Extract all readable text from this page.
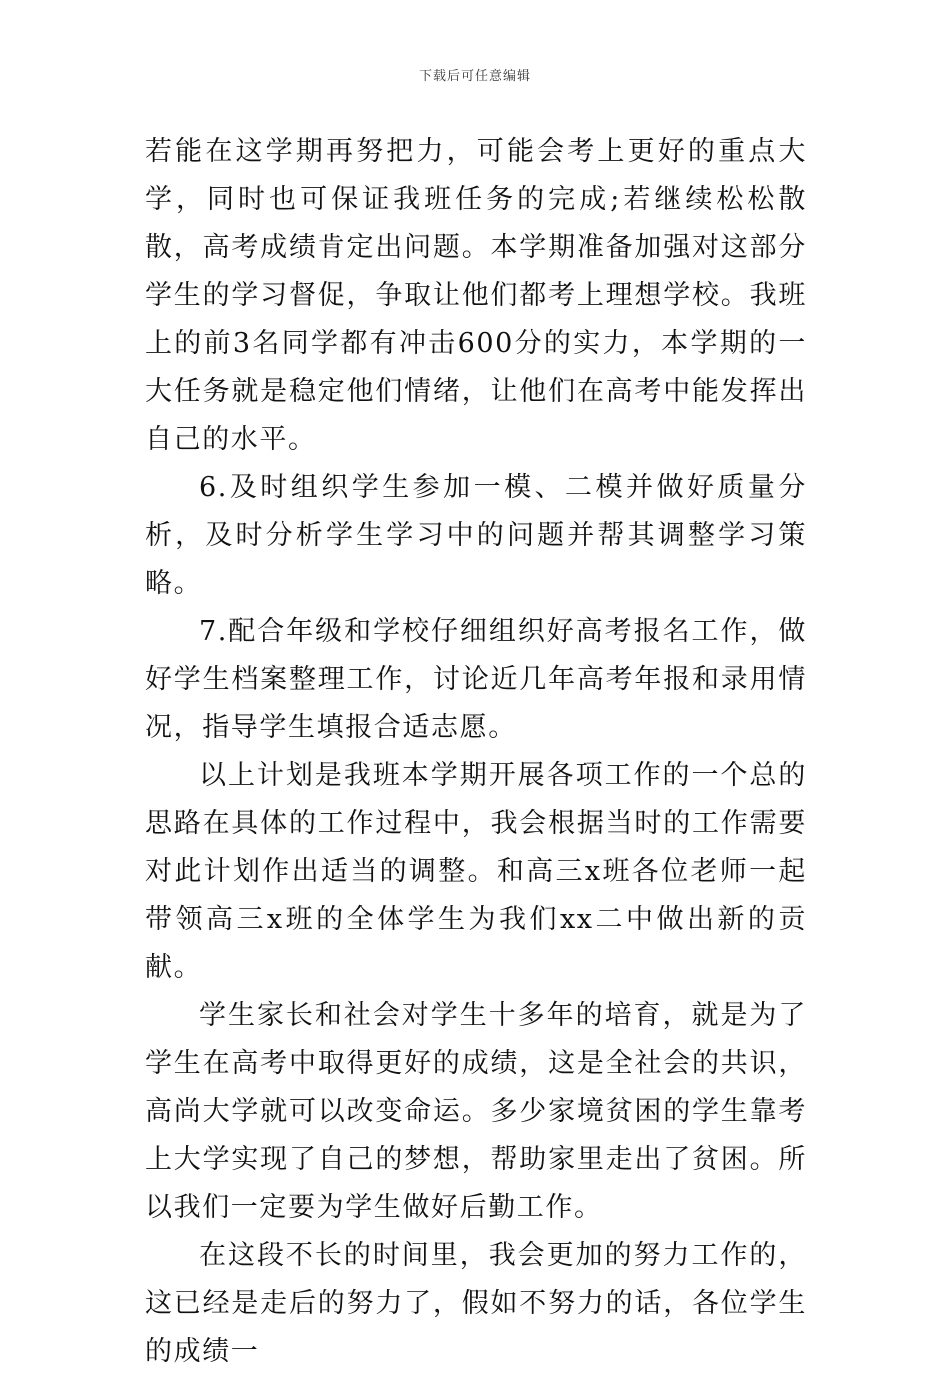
下载后可任意编辑

若能在这学期再努把力，可能会考上更好的重点大学，同时也可保证我班任务的完成;若继续松松散散，高考成绩肯定出问题。本学期准备加强对这部分学生的学习督促，争取让他们都考上理想学校。我班上的前3名同学都有冲击600分的实力，本学期的一大任务就是稳定他们情绪，让他们在高考中能发挥出自己的水平。

6.及时组织学生参加一模、二模并做好质量分析，及时分析学生学习中的问题并帮其调整学习策略。

7.配合年级和学校仔细组织好高考报名工作，做好学生档案整理工作，讨论近几年高考年报和录用情况，指导学生填报合适志愿。

以上计划是我班本学期开展各项工作的一个总的思路在具体的工作过程中，我会根据当时的工作需要对此计划作出适当的调整。和高三x班各位老师一起带领高三x班的全体学生为我们xx二中做出新的贡献。

学生家长和社会对学生十多年的培育，就是为了学生在高考中取得更好的成绩，这是全社会的共识，高尚大学就可以改变命运。多少家境贫困的学生靠考上大学实现了自己的梦想，帮助家里走出了贫困。所以我们一定要为学生做好后勤工作。

在这段不长的时间里，我会更加的努力工作的，这已经是走后的努力了，假如不努力的话，各位学生的成绩一
